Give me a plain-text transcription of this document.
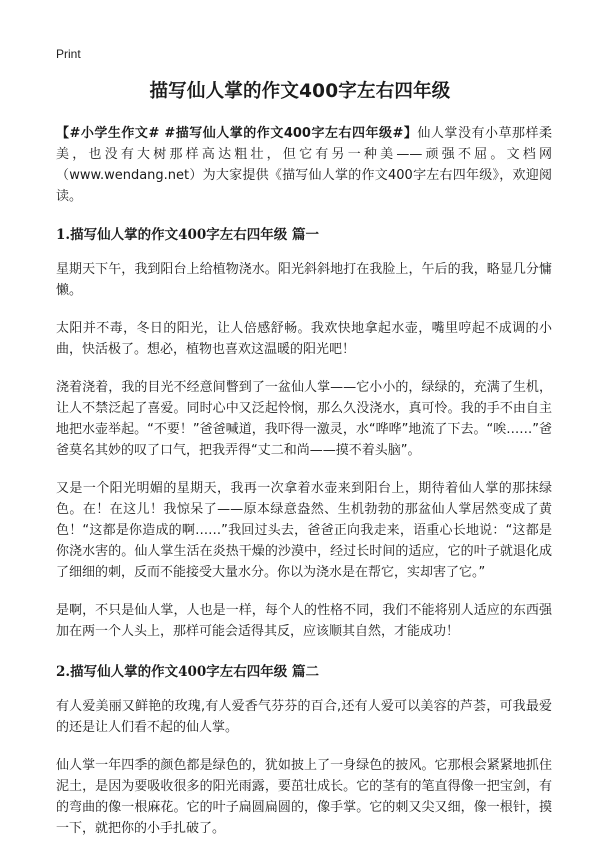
Print
描写仙人掌的作文400字左右四年级

【#小学生作文# #描写仙人掌的作文400字左右四年级#】仙人掌没有小草那样柔美，也没有大树那样高达粗壮，但它有另一种美——顽强不屈。文档网（www.wendang.net）为大家提供《描写仙人掌的作文400字左右四年级》，欢迎阅读。

1.描写仙人掌的作文400字左右四年级 篇一

星期天下午，我到阳台上给植物浇水。阳光斜斜地打在我脸上，午后的我，略显几分慵懒。

太阳并不毒，冬日的阳光，让人倍感舒畅。我欢快地拿起水壶，嘴里哼起不成调的小曲，快活极了。想必，植物也喜欢这温暖的阳光吧！

浇着浇着，我的目光不经意间瞥到了一盆仙人掌——它小小的，绿绿的，充满了生机，让人不禁泛起了喜爱。同时心中又泛起怜悯，那么久没浇水，真可怜。我的手不由自主地把水壶举起。“不要！”爸爸喊道，我吓得一激灵，水“哗哗”地流了下去。“唉……”爸爸莫名其妙的叹了口气，把我弄得“丈二和尚——摸不着头脑”。

又是一个阳光明媚的星期天，我再一次拿着水壶来到阳台上，期待着仙人掌的那抹绿色。在！在这儿！我惊呆了——原本绿意盎然、生机勃勃的那盆仙人掌居然变成了黄色！“这都是你造成的啊……”我回过头去，爸爸正向我走来，语重心长地说：“这都是你浇水害的。仙人掌生活在炎热干燥的沙漠中，经过长时间的适应，它的叶子就退化成了细细的刺，反而不能接受大量水分。你以为浇水是在帮它，实却害了它。”

是啊，不只是仙人掌，人也是一样，每个人的性格不同，我们不能将别人适应的东西强加在两一个人头上，那样可能会适得其反，应该顺其自然，才能成功！

2.描写仙人掌的作文400字左右四年级 篇二

有人爱美丽又鲜艳的玫瑰,有人爱香气芬芬的百合,还有人爱可以美容的芦荟，可我最爱的还是让人们看不起的仙人掌。

仙人掌一年四季的颜色都是绿色的，犹如披上了一身绿色的披风。它那根会紧紧地抓住泥土，是因为要吸收很多的阳光雨露，要茁壮成长。它的茎有的笔直得像一把宝剑，有的弯曲的像一根麻花。它的叶子扁圆扁圆的，像手掌。它的刺又尖又细，像一根针，摸一下，就把你的小手扎破了。
